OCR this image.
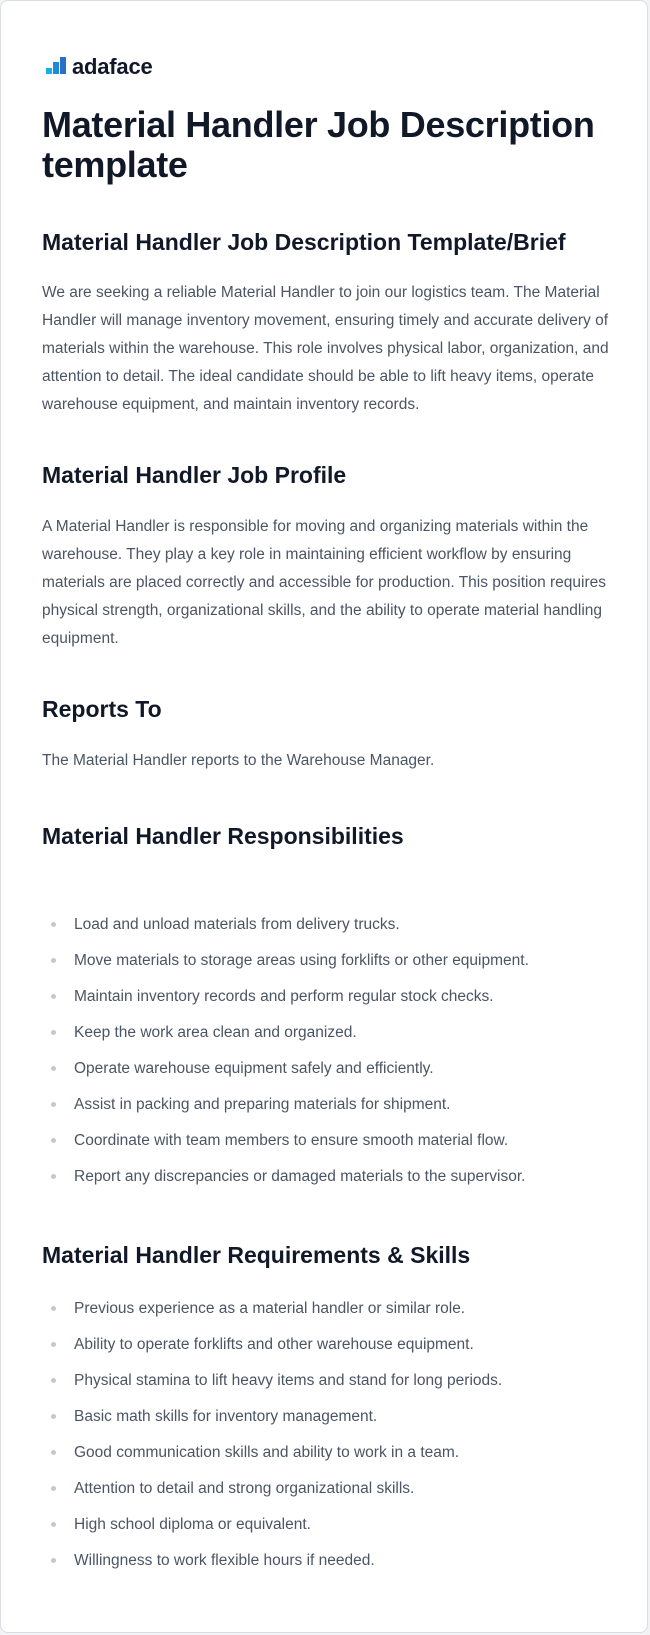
adaface
Material Handler Job Description template
Material Handler Job Description Template/Brief

We are seeking a reliable Material Handler to join our logistics team. The Material Handler will manage inventory movement, ensuring timely and accurate delivery of materials within the warehouse. This role involves physical labor, organization, and attention to detail. The ideal candidate should be able to lift heavy items, operate warehouse equipment, and maintain inventory records.

Material Handler Job Profile

A Material Handler is responsible for moving and organizing materials within the warehouse. They play a key role in maintaining efficient workflow by ensuring materials are placed correctly and accessible for production. This position requires physical strength, organizational skills, and the ability to operate material handling equipment.

Reports To

The Material Handler reports to the Warehouse Manager.

Material Handler Responsibilities
Load and unload materials from delivery trucks.
Move materials to storage areas using forklifts or other equipment.
Maintain inventory records and perform regular stock checks.
Keep the work area clean and organized.
Operate warehouse equipment safely and efficiently.
Assist in packing and preparing materials for shipment.
Coordinate with team members to ensure smooth material flow.
Report any discrepancies or damaged materials to the supervisor.
Material Handler Requirements & Skills
Previous experience as a material handler or similar role.
Ability to operate forklifts and other warehouse equipment.
Physical stamina to lift heavy items and stand for long periods.
Basic math skills for inventory management.
Good communication skills and ability to work in a team.
Attention to detail and strong organizational skills.
High school diploma or equivalent.
Willingness to work flexible hours if needed.
